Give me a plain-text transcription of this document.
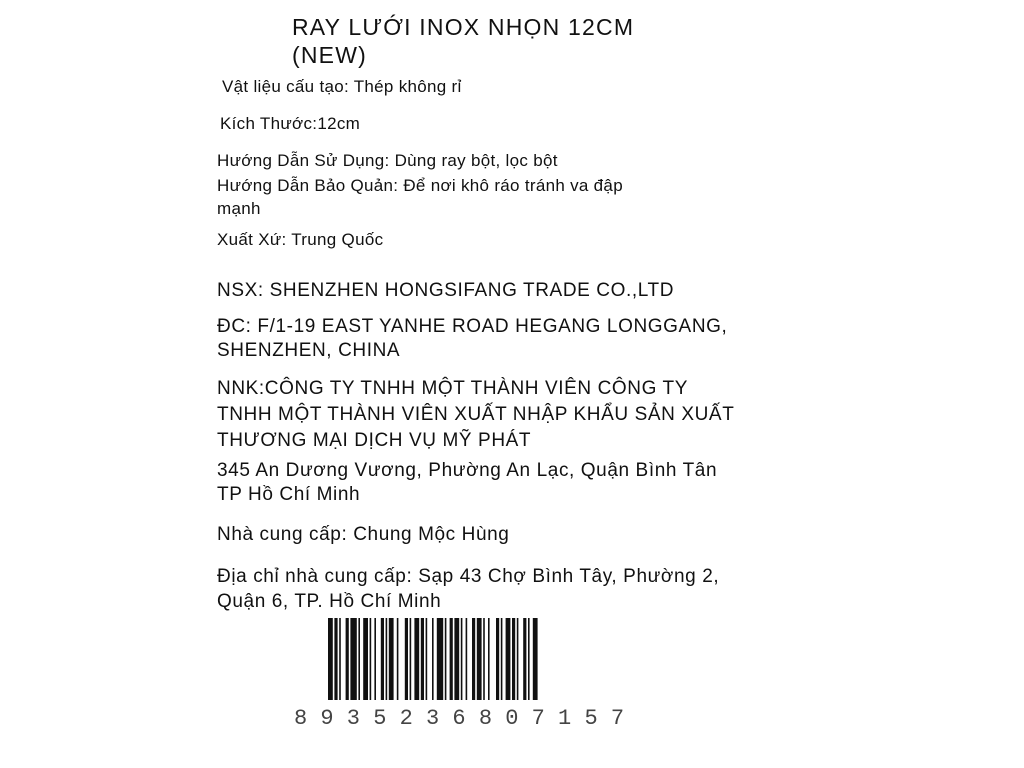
RAY LƯỚI INOX NHỌN 12CM
(NEW)
Vật liệu cấu tạo: Thép không rỉ
Kích Thước:12cm
Hướng Dẫn Sử Dụng: Dùng ray bột, lọc bột
Hướng Dẫn Bảo Quản: Để nơi khô ráo tránh va đập
mạnh
Xuất Xứ: Trung Quốc
NSX: SHENZHEN HONGSIFANG TRADE CO.,LTD
ĐC: F/1-19 EAST YANHE ROAD HEGANG LONGGANG,
SHENZHEN, CHINA
NNK:CÔNG TY TNHH MỘT THÀNH VIÊN CÔNG TY
TNHH MỘT THÀNH VIÊN XUẤT NHẬP KHẨU SẢN XUẤT
THƯƠNG MẠI DỊCH VỤ MỸ PHÁT
345 An Dương Vương, Phường An Lạc, Quận Bình Tân
TP Hồ Chí Minh
Nhà cung cấp: Chung Mộc Hùng
Địa chỉ nhà cung cấp: Sạp 43 Chợ Bình Tây, Phường 2,
Quận 6, TP. Hồ Chí Minh
8 9 3 5 2 3 6 8 0 7 1 5 7
